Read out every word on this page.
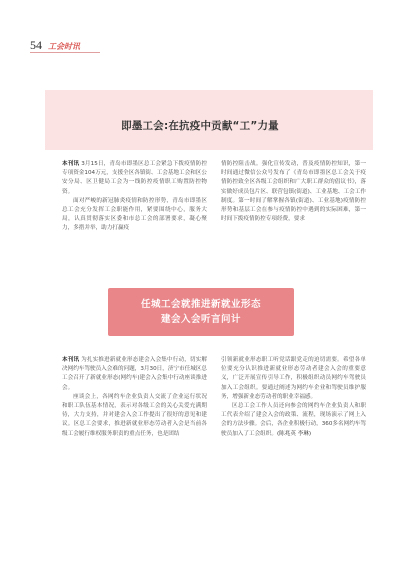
54 工会时讯
即墨工会:在抗疫中贡献“工”力量

本刊讯 3月15日，青岛市即墨区总工会紧急下拨疫情防控专项资金104万元，支援全区各镇街、工会基地工会和区公安分局、区卫健局工会为一线防控疫情职工购置防控物资。

面对严峻的新冠肺炎疫情和防控形势，青岛市即墨区总工会充分发挥工会职能作用，紧要围绕中心，服务大局，认真贯彻落实区委和市总工会的部署要求，凝心聚力，多措并举，助力打赢疫

情防控阻击战。强化宣传发动，普及疫情防控知识，第一时间通过微信公众号发布了《青岛市即墨区总工会关于疫情防控致全区各级工会组织和广大职工群众的倡议书》，落实做好成员包片区、联营包镇(街道)、工业基地、工会工作制度。第一时间了解掌握各镇(街道)、工业基地)疫情防控形势和基层工会在参与疫情防控中遇到的实际困难，第一时间下拨疫情防控专项经费，要求

任城工会就推进新就业形态
建会入会听言问计

本刊讯 为扎实推进新就业形态建会入会集中行动，切实解决网约车驾驶员入会难的问题，3月30日，济宁市任城区总工会召开了新就业形态(网约车)建会入会集中行动座谈推进会。

座谈会上，各网约车企业负责人交流了企业运行状况和职工队伍基本情况，表示对各级工会的关心关爱充满期待，大力支持，并对建会入会工作提出了很好的意见和建议。区总工会要求，推进新就业形态劳动者入会是当前各级工会履行维权服务职责的重点任务，也是团结

引领新就业形态职工听党话跟党走的迫切需要。希望各单位要充分认识推进新就业形态劳动者建会入会的重要意义，广泛开展宣传引导工作，积极组织动员网约车驾驶员加入工会组织。要通过阐述为网约车企业和驾驶员维护服务，增强新业态劳动者的职业幸福感。

区总工会工作人员还向参会的网约车企业负责人和职工代表介绍了建会入会的政策、流程，现场演示了网上入会的方法步骤。会后，各企业积极行动，360多名网约车驾驶员加入了工会组织。(陈兆英 李琳)
